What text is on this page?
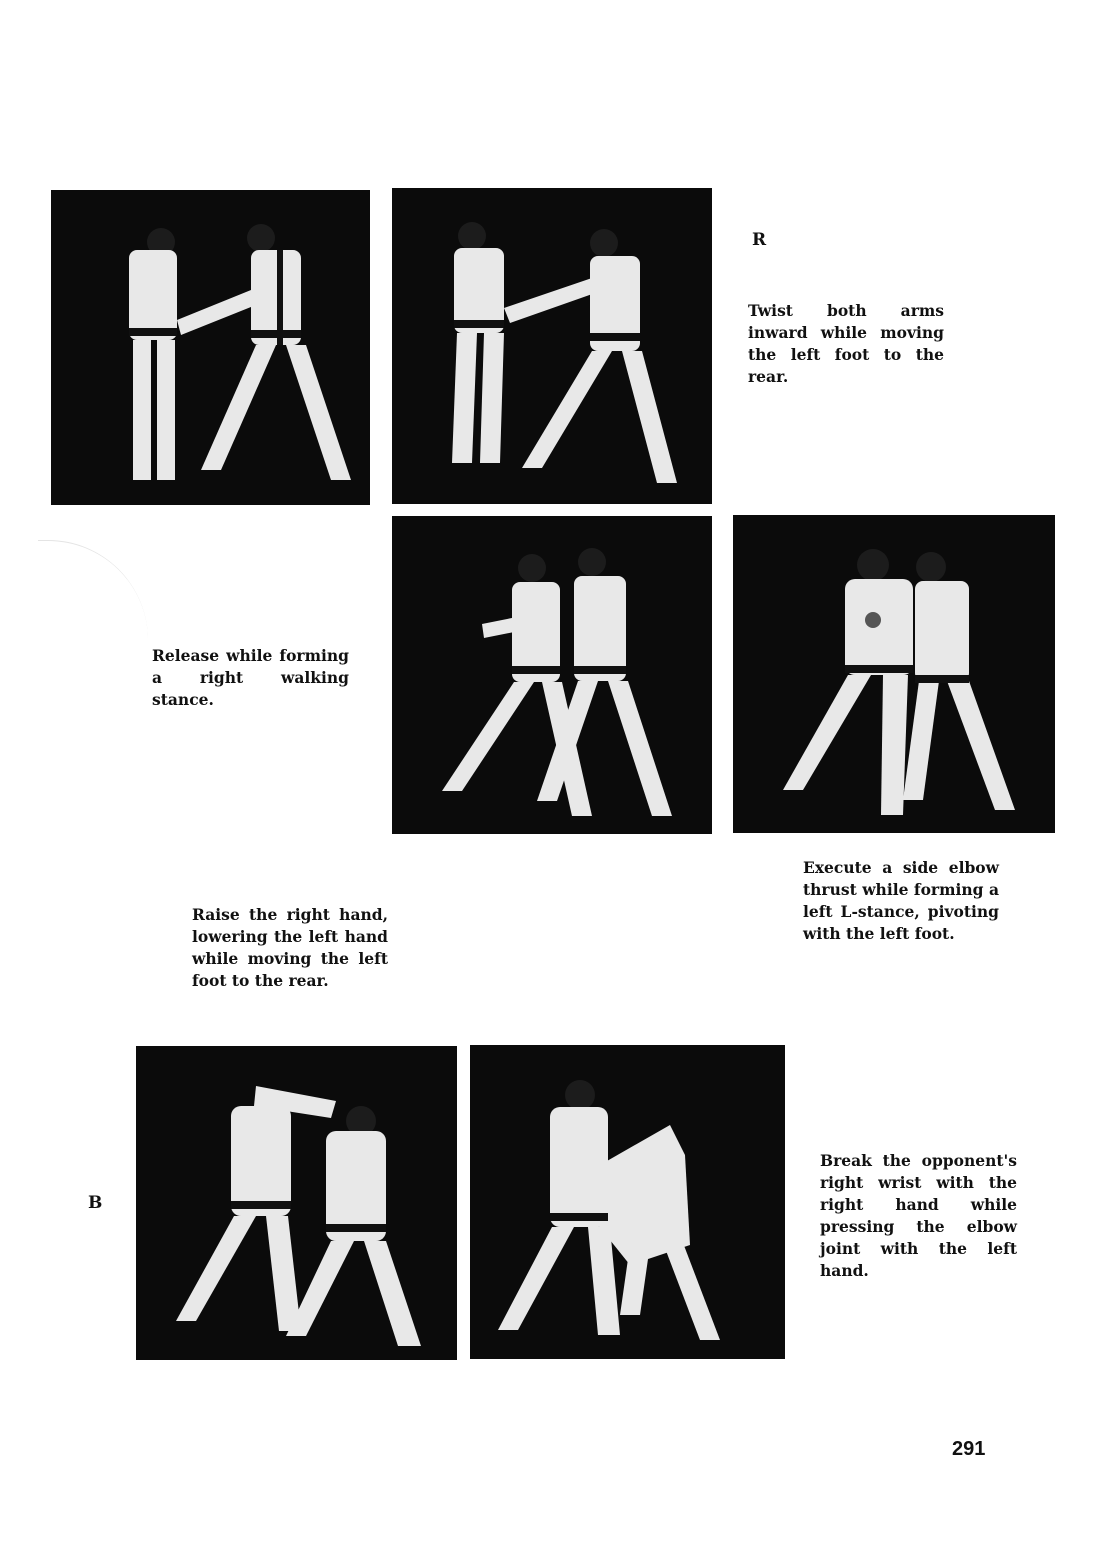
R
Twist both arms inward while moving the left foot to the rear.
Release while forming a right walking stance.
Execute a side elbow thrust while forming a left L-stance, pivoting with the left foot.
Raise the right hand, lowering the left hand while moving the left foot to the rear.
B
Break the opponent's right wrist with the right hand while pressing the elbow joint with the left hand.
291
